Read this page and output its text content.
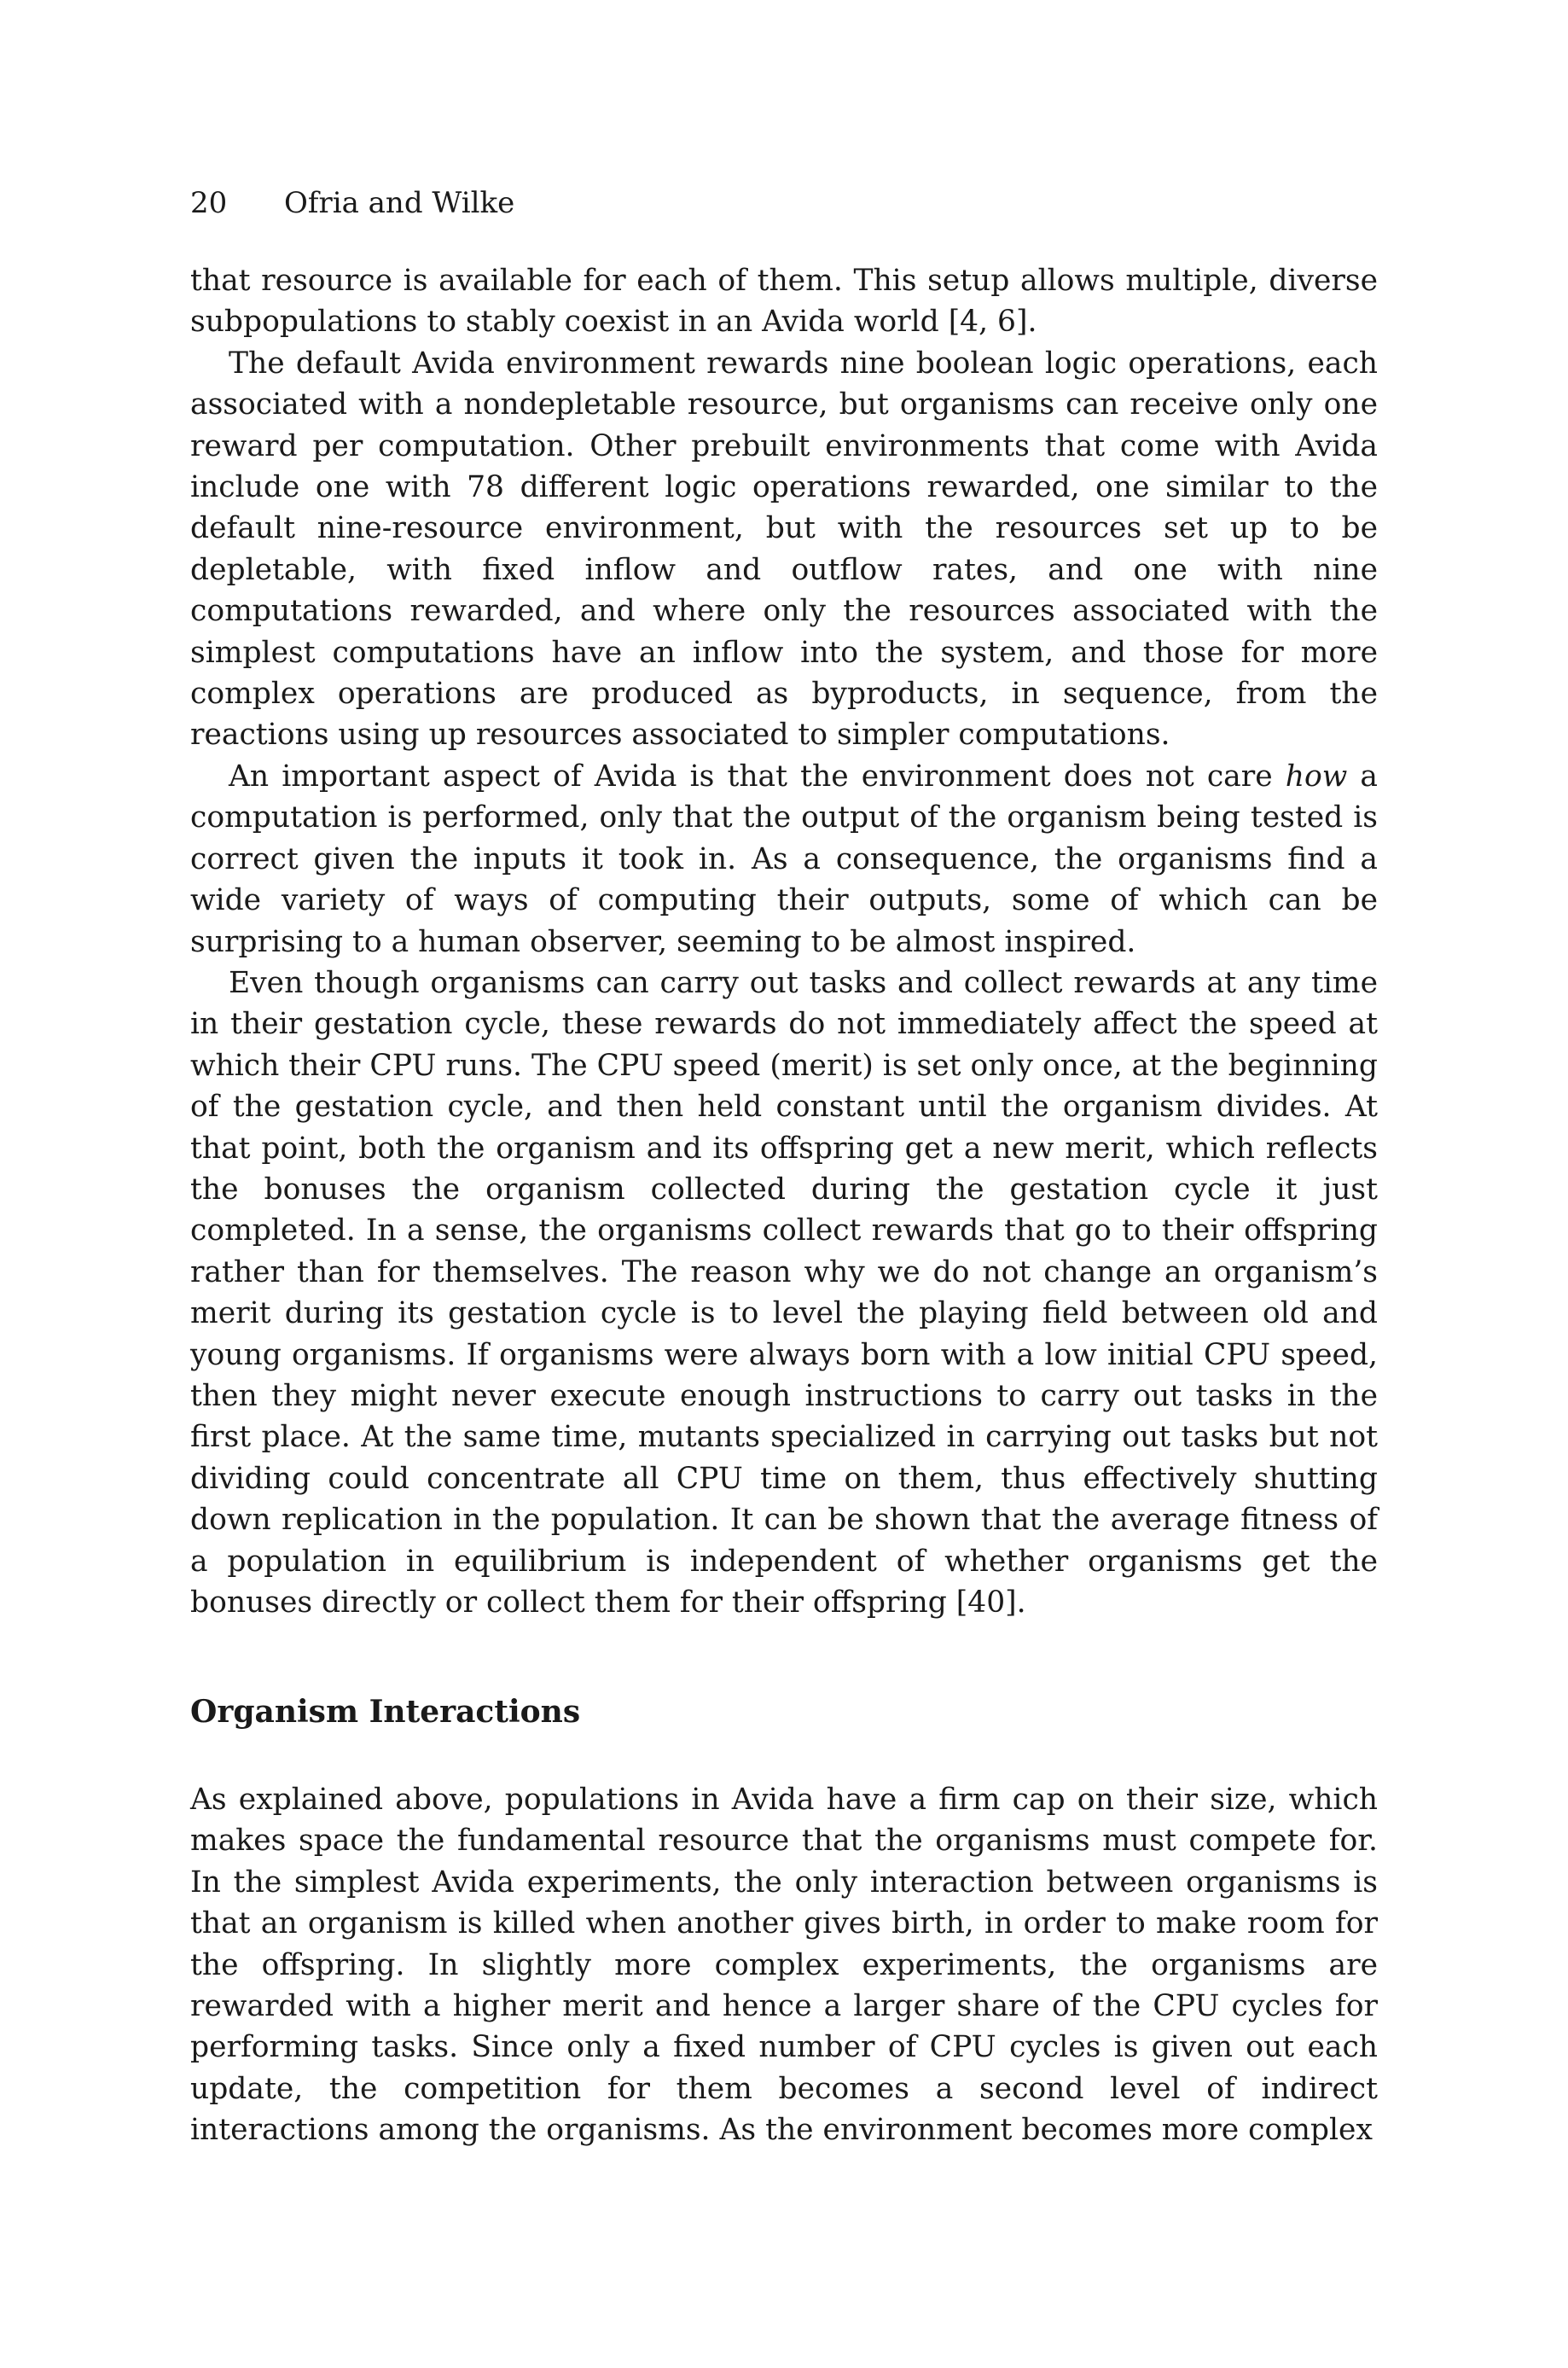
20 Ofria and Wilke

that resource is available for each of them. This setup allows multiple, diverse subpopulations to stably coexist in an Avida world [4, 6].

The default Avida environment rewards nine boolean logic operations, each associated with a nondepletable resource, but organisms can receive only one reward per computation. Other prebuilt environments that come with Avida include one with 78 different logic operations rewarded, one similar to the default nine-resource environment, but with the resources set up to be depletable, with fixed inflow and outflow rates, and one with nine computations rewarded, and where only the resources associated with the simplest computations have an inflow into the system, and those for more complex operations are produced as byproducts, in sequence, from the reactions using up resources associated to simpler computations.

An important aspect of Avida is that the environment does not care how a computation is performed, only that the output of the organism being tested is correct given the inputs it took in. As a consequence, the organisms find a wide variety of ways of computing their outputs, some of which can be surprising to a human observer, seeming to be almost inspired.

Even though organisms can carry out tasks and collect rewards at any time in their gestation cycle, these rewards do not immediately affect the speed at which their CPU runs. The CPU speed (merit) is set only once, at the beginning of the gestation cycle, and then held constant until the organism divides. At that point, both the organism and its offspring get a new merit, which reflects the bonuses the organism collected during the gestation cycle it just completed. In a sense, the organisms collect rewards that go to their offspring rather than for themselves. The reason why we do not change an organism’s merit during its gestation cycle is to level the playing field between old and young organisms. If organisms were always born with a low initial CPU speed, then they might never execute enough instructions to carry out tasks in the first place. At the same time, mutants specialized in carrying out tasks but not dividing could concentrate all CPU time on them, thus effectively shutting down replication in the population. It can be shown that the average fitness of a population in equilibrium is independent of whether organisms get the bonuses directly or collect them for their offspring [40].

Organism Interactions

As explained above, populations in Avida have a firm cap on their size, which makes space the fundamental resource that the organisms must compete for. In the simplest Avida experiments, the only interaction between organisms is that an organism is killed when another gives birth, in order to make room for the offspring. In slightly more complex experiments, the organisms are rewarded with a higher merit and hence a larger share of the CPU cycles for performing tasks. Since only a fixed number of CPU cycles is given out each update, the competition for them becomes a second level of indirect interactions among the organisms. As the environment becomes more complex
